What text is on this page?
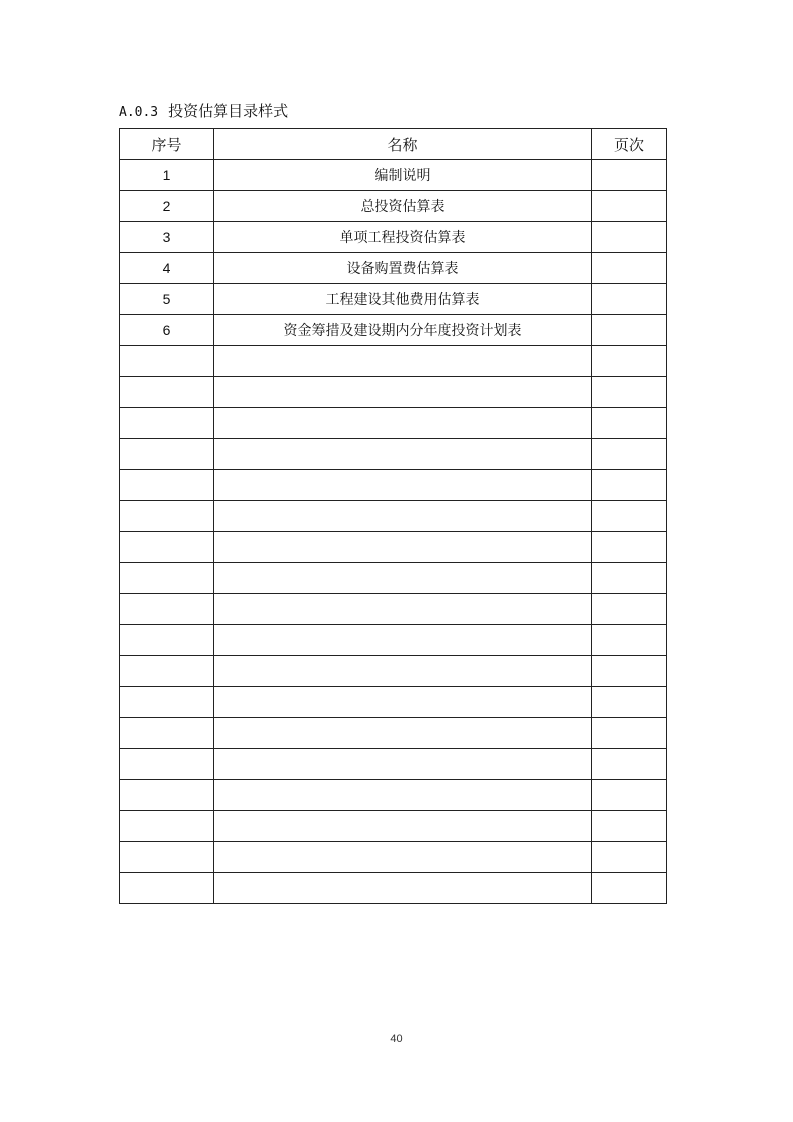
A.0.3 投资估算目录样式
序号	名称	页次
1	编制说明	
2	总投资估算表	
3	单项工程投资估算表	
4	设备购置费估算表	
5	工程建设其他费用估算表	
6	资金筹措及建设期内分年度投资计划表	

40
